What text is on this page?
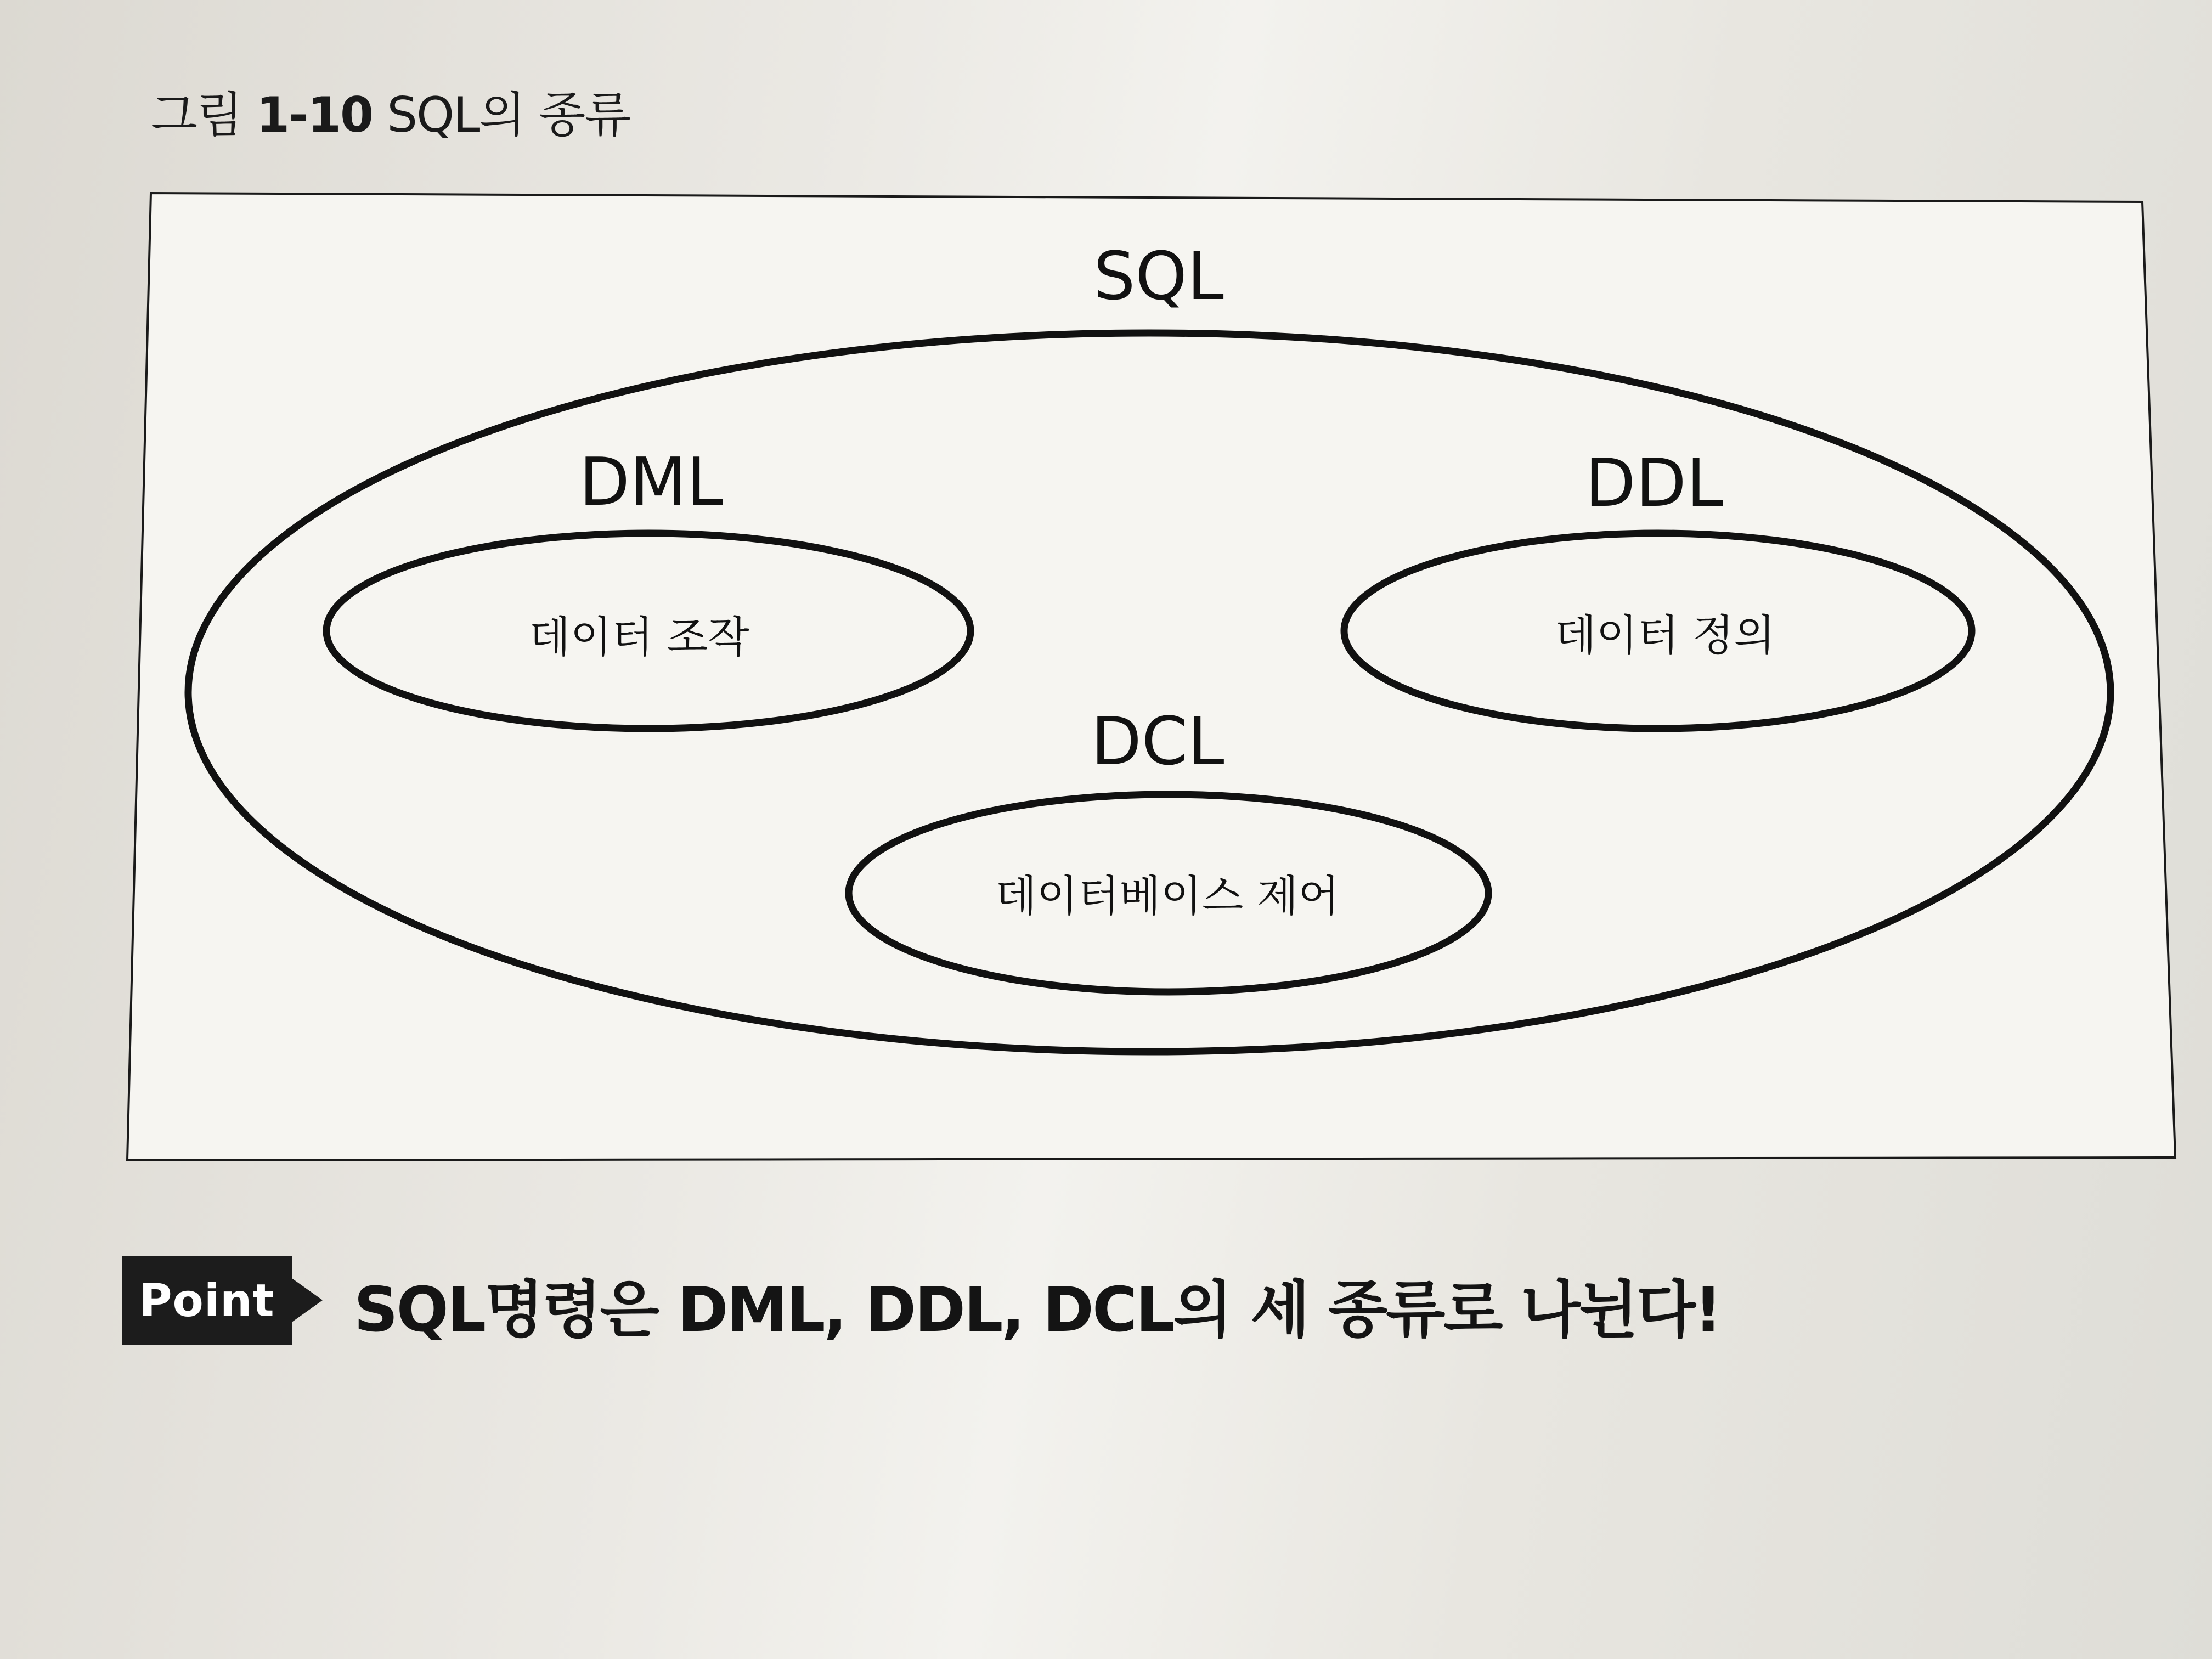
그림 1-10 SQL의 종류
SQL
DML
데이터 조작
DDL
데이터 정의
DCL
데이터베이스 제어
Point SQL명령은 DML, DDL, DCL의 세 종류로 나뉜다!
